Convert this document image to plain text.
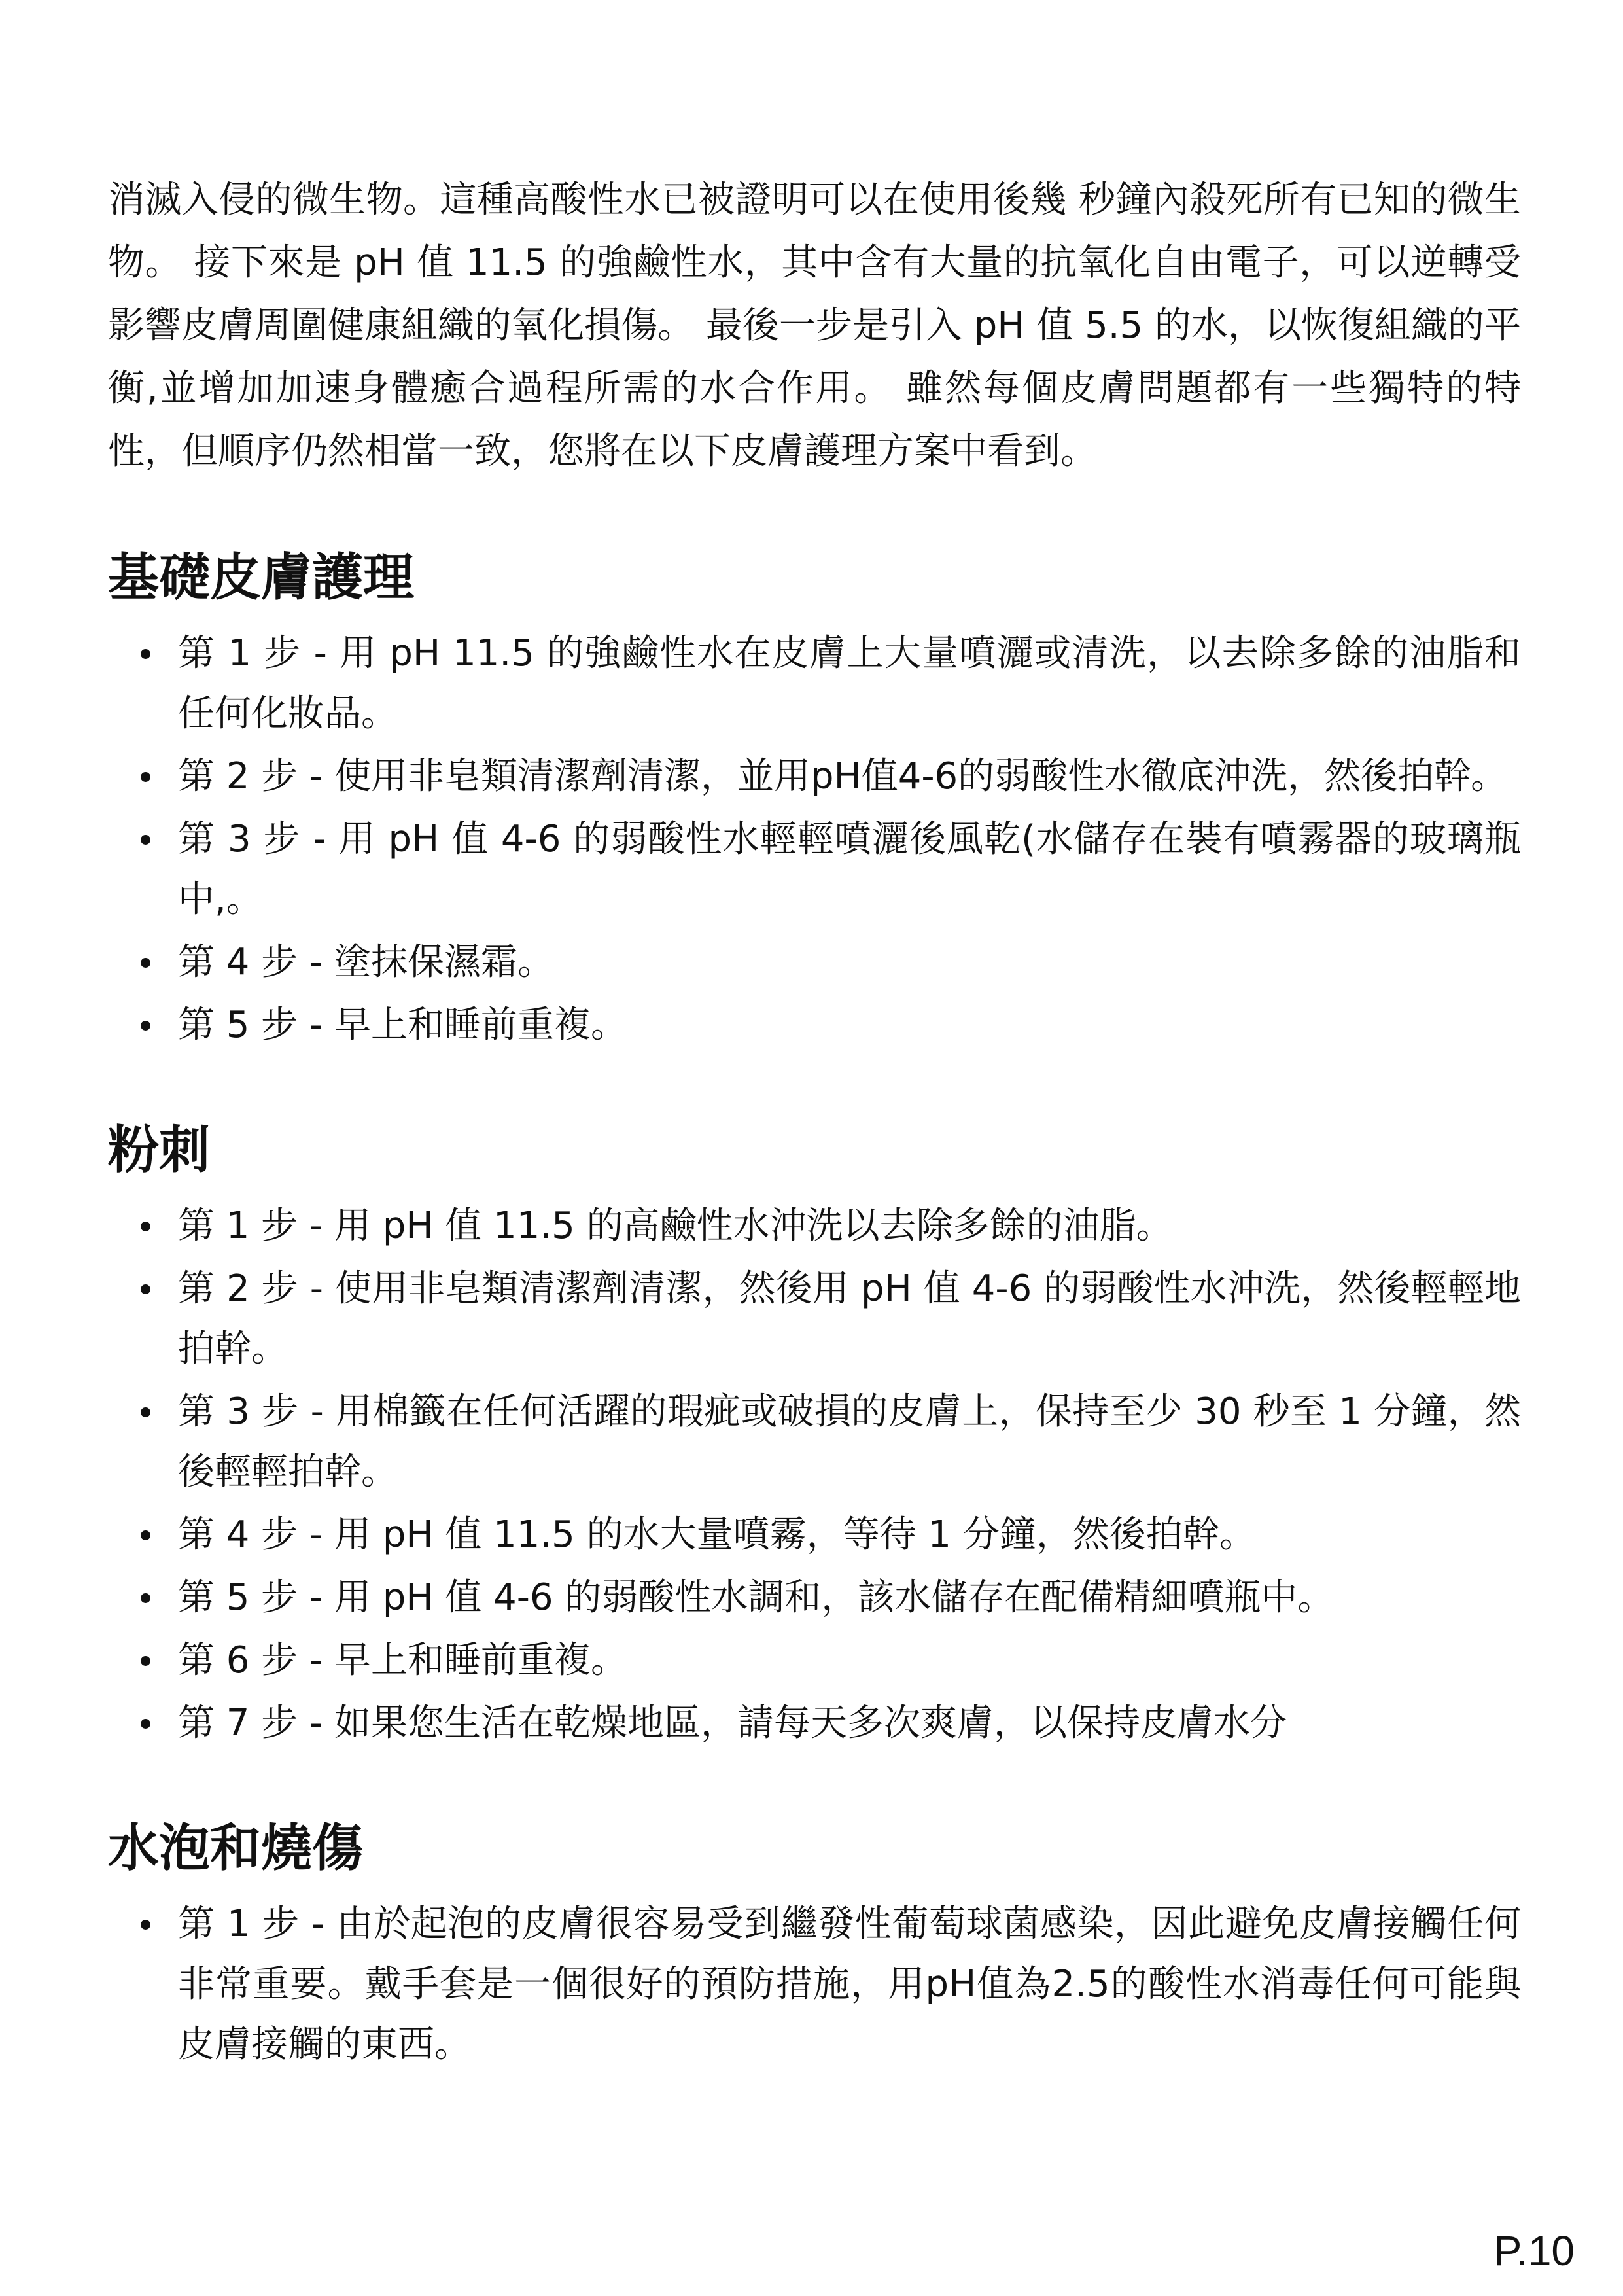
消滅入侵的微生物。這種高酸性水已被證明可以在使用後幾 秒鐘內殺死所有已知的微生物。 接下來是 pH 值 11.5 的強鹼性水，其中含有大量的抗氧化自由電子，可以逆轉受影響皮膚周圍健康組織的氧化損傷。 最後一步是引入 pH 值 5.5 的水，以恢復組織的平衡,並增加加速身體癒合過程所需的水合作用。 雖然每個皮膚問題都有一些獨特的特性，但順序仍然相當一致，您將在以下皮膚護理方案中看到。

基礎皮膚護理
第 1 步 - 用 pH 11.5 的強鹼性水在皮膚上大量噴灑或清洗，以去除多餘的油脂和任何化妝品。
第 2 步 - 使用非皂類清潔劑清潔，並用pH值4-6的弱酸性水徹底沖洗，然後拍幹。
第 3 步 - 用 pH 值 4-6 的弱酸性水輕輕噴灑後風乾(水儲存在裝有噴霧器的玻璃瓶中,。
第 4 步 - 塗抹保濕霜。
第 5 步 - 早上和睡前重複。
粉刺
第 1 步 - 用 pH 值 11.5 的高鹼性水沖洗以去除多餘的油脂。
第 2 步 - 使用非皂類清潔劑清潔，然後用 pH 值 4-6 的弱酸性水沖洗，然後輕輕地拍幹。
第 3 步 - 用棉籤在任何活躍的瑕疵或破損的皮膚上，保持至少 30 秒至 1 分鐘，然後輕輕拍幹。
第 4 步 - 用 pH 值 11.5 的水大量噴霧，等待 1 分鐘，然後拍幹。
第 5 步 - 用 pH 值 4-6 的弱酸性水調和，該水儲存在配備精細噴瓶中。
第 6 步 - 早上和睡前重複。
第 7 步 - 如果您生活在乾燥地區，請每天多次爽膚，以保持皮膚水分
水泡和燒傷
第 1 步 - 由於起泡的皮膚很容易受到繼發性葡萄球菌感染，因此避免皮膚接觸任何非常重要。戴手套是一個很好的預防措施，用pH值為2.5的酸性水消毒任何可能與皮膚接觸的東西。
P.10
